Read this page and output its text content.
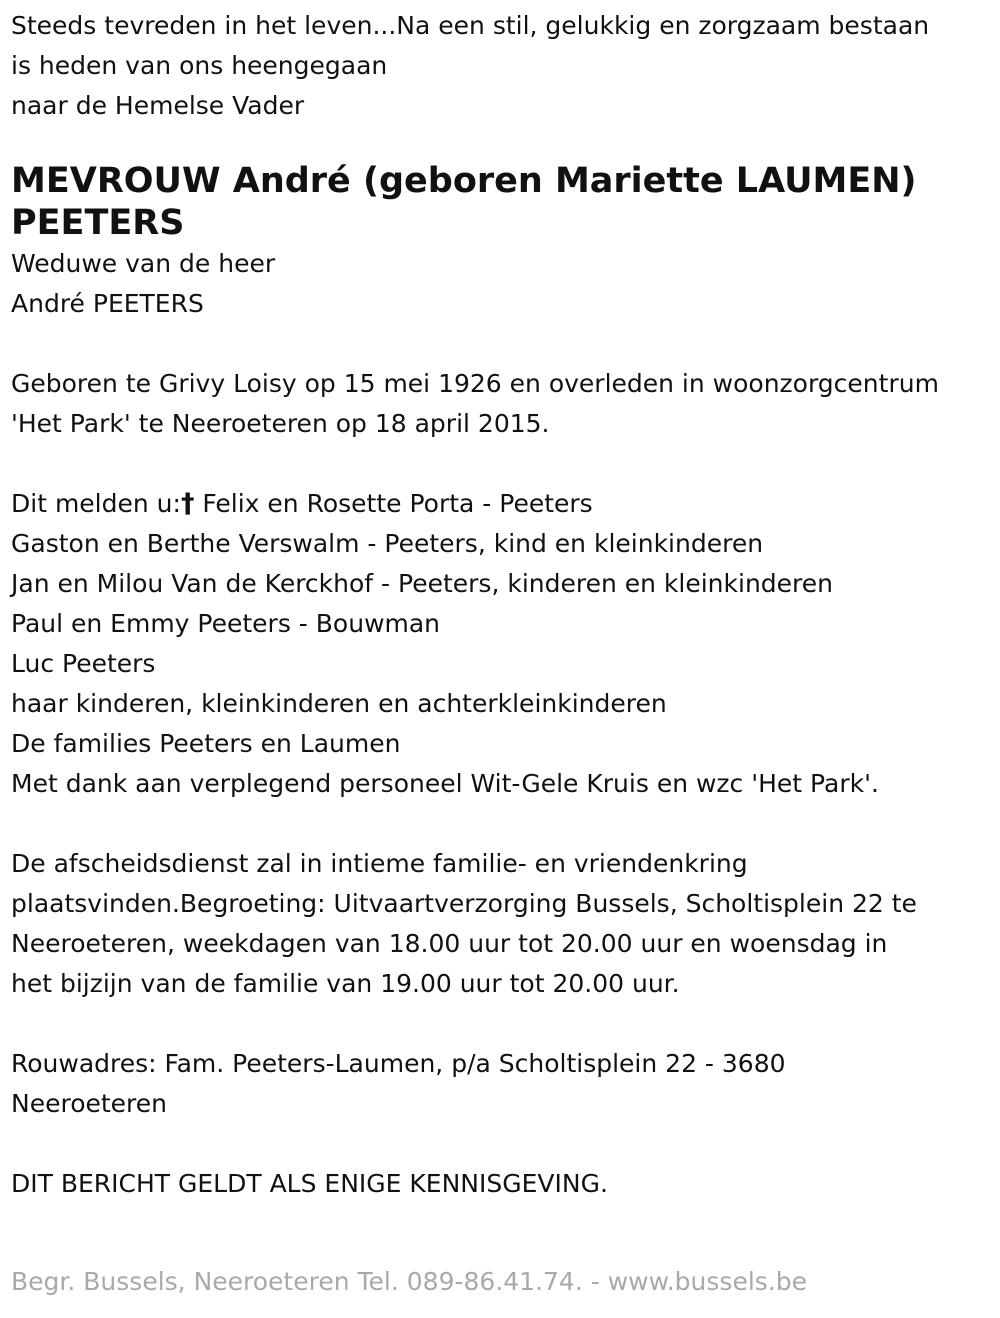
Steeds tevreden in het leven...Na een stil, gelukkig en zorgzaam bestaan

is heden van ons heengegaan

naar de Hemelse Vader

MEVROUW André (geboren Mariette LAUMEN)
PEETERS

Weduwe van de heer

André PEETERS

Geboren te Grivy Loisy op 15 mei 1926 en overleden in woonzorgcentrum

'Het Park' te Neeroeteren op 18 april 2015.

Dit melden u:† Felix en Rosette Porta - Peeters

Gaston en Berthe Verswalm - Peeters, kind en kleinkinderen

Jan en Milou Van de Kerckhof - Peeters, kinderen en kleinkinderen

Paul en Emmy Peeters - Bouwman

Luc Peeters

haar kinderen, kleinkinderen en achterkleinkinderen

De families Peeters en Laumen

Met dank aan verplegend personeel Wit-Gele Kruis en wzc 'Het Park'.

De afscheidsdienst zal in intieme familie- en vriendenkring

plaatsvinden.Begroeting: Uitvaartverzorging Bussels, Scholtisplein 22 te

Neeroeteren, weekdagen van 18.00 uur tot 20.00 uur en woensdag in

het bijzijn van de familie van 19.00 uur tot 20.00 uur.

Rouwadres: Fam. Peeters-Laumen, p/a Scholtisplein 22 - 3680

Neeroeteren

DIT BERICHT GELDT ALS ENIGE KENNISGEVING.

Begr. Bussels, Neeroeteren Tel. 089-86.41.74. - www.bussels.be
